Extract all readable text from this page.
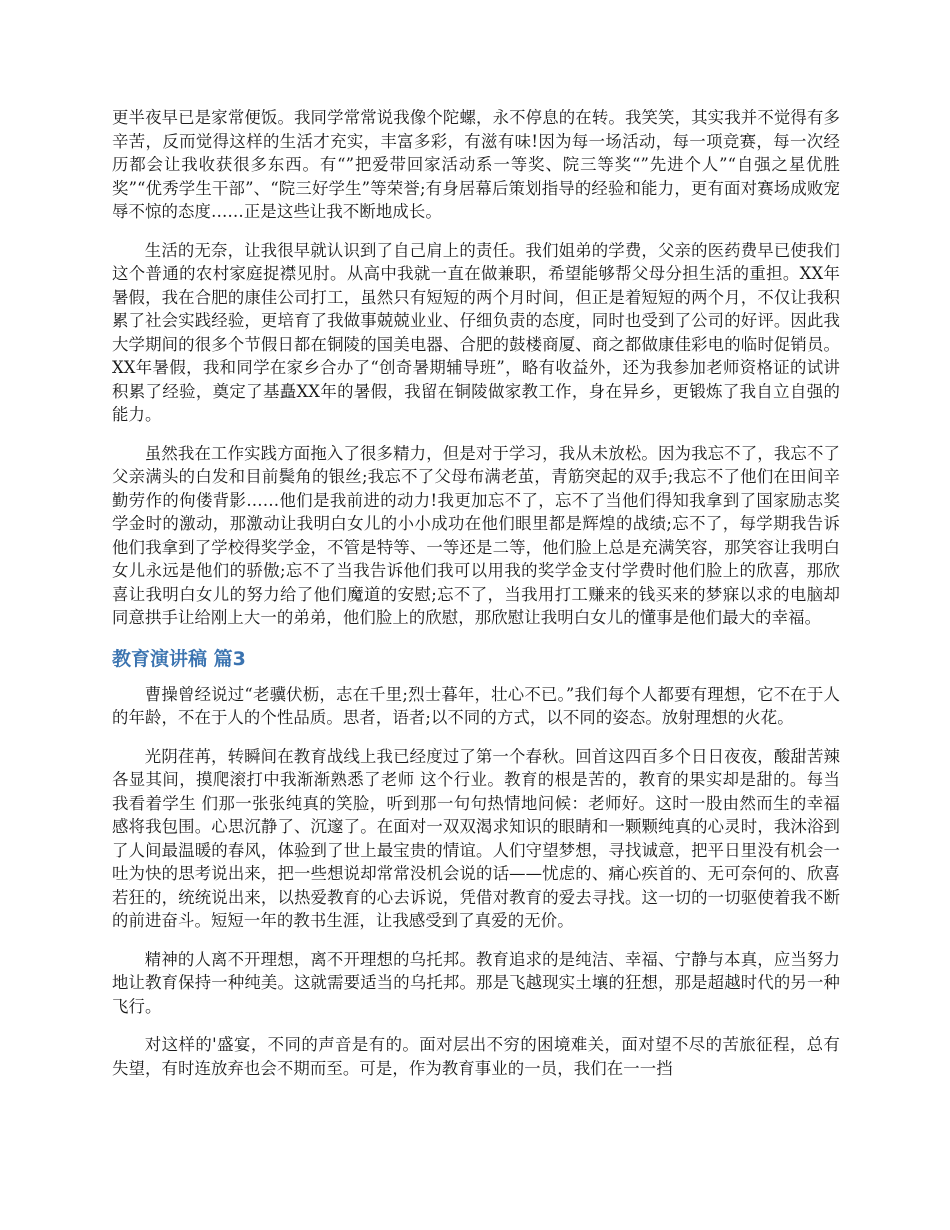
更半夜早已是家常便饭。我同学常常说我像个陀螺，永不停息的在转。我笑笑，其实我并不觉得有多辛苦，反而觉得这样的生活才充实，丰富多彩，有滋有味!因为每一场活动，每一项竞赛，每一次经历都会让我收获很多东西。有“”把爱带回家活动系一等奖、院三等奖“”先进个人”“自强之星优胜奖”“优秀学生干部”、“院三好学生”等荣誉;有身居幕后策划指导的经验和能力，更有面对赛场成败宠辱不惊的态度……正是这些让我不断地成长。

生活的无奈，让我很早就认识到了自己肩上的责任。我们姐弟的学费，父亲的医药费早已使我们这个普通的农村家庭捉襟见肘。从高中我就一直在做兼职，希望能够帮父母分担生活的重担。XX年暑假，我在合肥的康佳公司打工，虽然只有短短的两个月时间，但正是着短短的两个月，不仅让我积累了社会实践经验，更培育了我做事兢兢业业、仔细负责的态度，同时也受到了公司的好评。因此我大学期间的很多个节假日都在铜陵的国美电器、合肥的鼓楼商厦、商之都做康佳彩电的临时促销员。XX年暑假，我和同学在家乡合办了“创奇暑期辅导班”，略有收益外，还为我参加老师资格证的试讲积累了经验，奠定了基矗XX年的暑假，我留在铜陵做家教工作，身在异乡，更锻炼了我自立自强的能力。

虽然我在工作实践方面拖入了很多精力，但是对于学习，我从未放松。因为我忘不了，我忘不了父亲满头的白发和目前鬓角的银丝;我忘不了父母布满老茧，青筋突起的双手;我忘不了他们在田间辛勤劳作的佝偻背影……他们是我前进的动力!我更加忘不了，忘不了当他们得知我拿到了国家励志奖学金时的激动，那激动让我明白女儿的小小成功在他们眼里都是辉煌的战绩;忘不了，每学期我告诉他们我拿到了学校得奖学金，不管是特等、一等还是二等，他们脸上总是充满笑容，那笑容让我明白女儿永远是他们的骄傲;忘不了当我告诉他们我可以用我的奖学金支付学费时他们脸上的欣喜，那欣喜让我明白女儿的努力给了他们魔道的安慰;忘不了，当我用打工赚来的钱买来的梦寐以求的电脑却同意拱手让给刚上大一的弟弟，他们脸上的欣慰，那欣慰让我明白女儿的懂事是他们最大的幸福。

教育演讲稿 篇3

曹操曾经说过“老骥伏枥，志在千里;烈士暮年，壮心不已。”我们每个人都要有理想，它不在于人的年龄，不在于人的个性品质。思者，语者;以不同的方式，以不同的姿态。放射理想的火花。

光阴荏苒，转瞬间在教育战线上我已经度过了第一个春秋。回首这四百多个日日夜夜，酸甜苦辣各显其间，摸爬滚打中我渐渐熟悉了老师 这个行业。教育的根是苦的，教育的果实却是甜的。每当我看着学生 们那一张张纯真的笑脸，听到那一句句热情地问候：老师好。这时一股由然而生的幸福感将我包围。心思沉静了、沉邃了。在面对一双双渴求知识的眼睛和一颗颗纯真的心灵时，我沐浴到了人间最温暖的春风，体验到了世上最宝贵的情谊。人们守望梦想，寻找诚意，把平日里没有机会一吐为快的思考说出来，把一些想说却常常没机会说的话——忧虑的、痛心疾首的、无可奈何的、欣喜若狂的，统统说出来，以热爱教育的心去诉说，凭借对教育的爱去寻找。这一切的一切驱使着我不断的前进奋斗。短短一年的教书生涯，让我感受到了真爱的无价。

精神的人离不开理想，离不开理想的乌托邦。教育追求的是纯洁、幸福、宁静与本真，应当努力地让教育保持一种纯美。这就需要适当的乌托邦。那是飞越现实土壤的狂想，那是超越时代的另一种飞行。

对这样的'盛宴，不同的声音是有的。面对层出不穷的困境难关，面对望不尽的苦旅征程，总有失望，有时连放弃也会不期而至。可是，作为教育事业的一员，我们在一一挡
